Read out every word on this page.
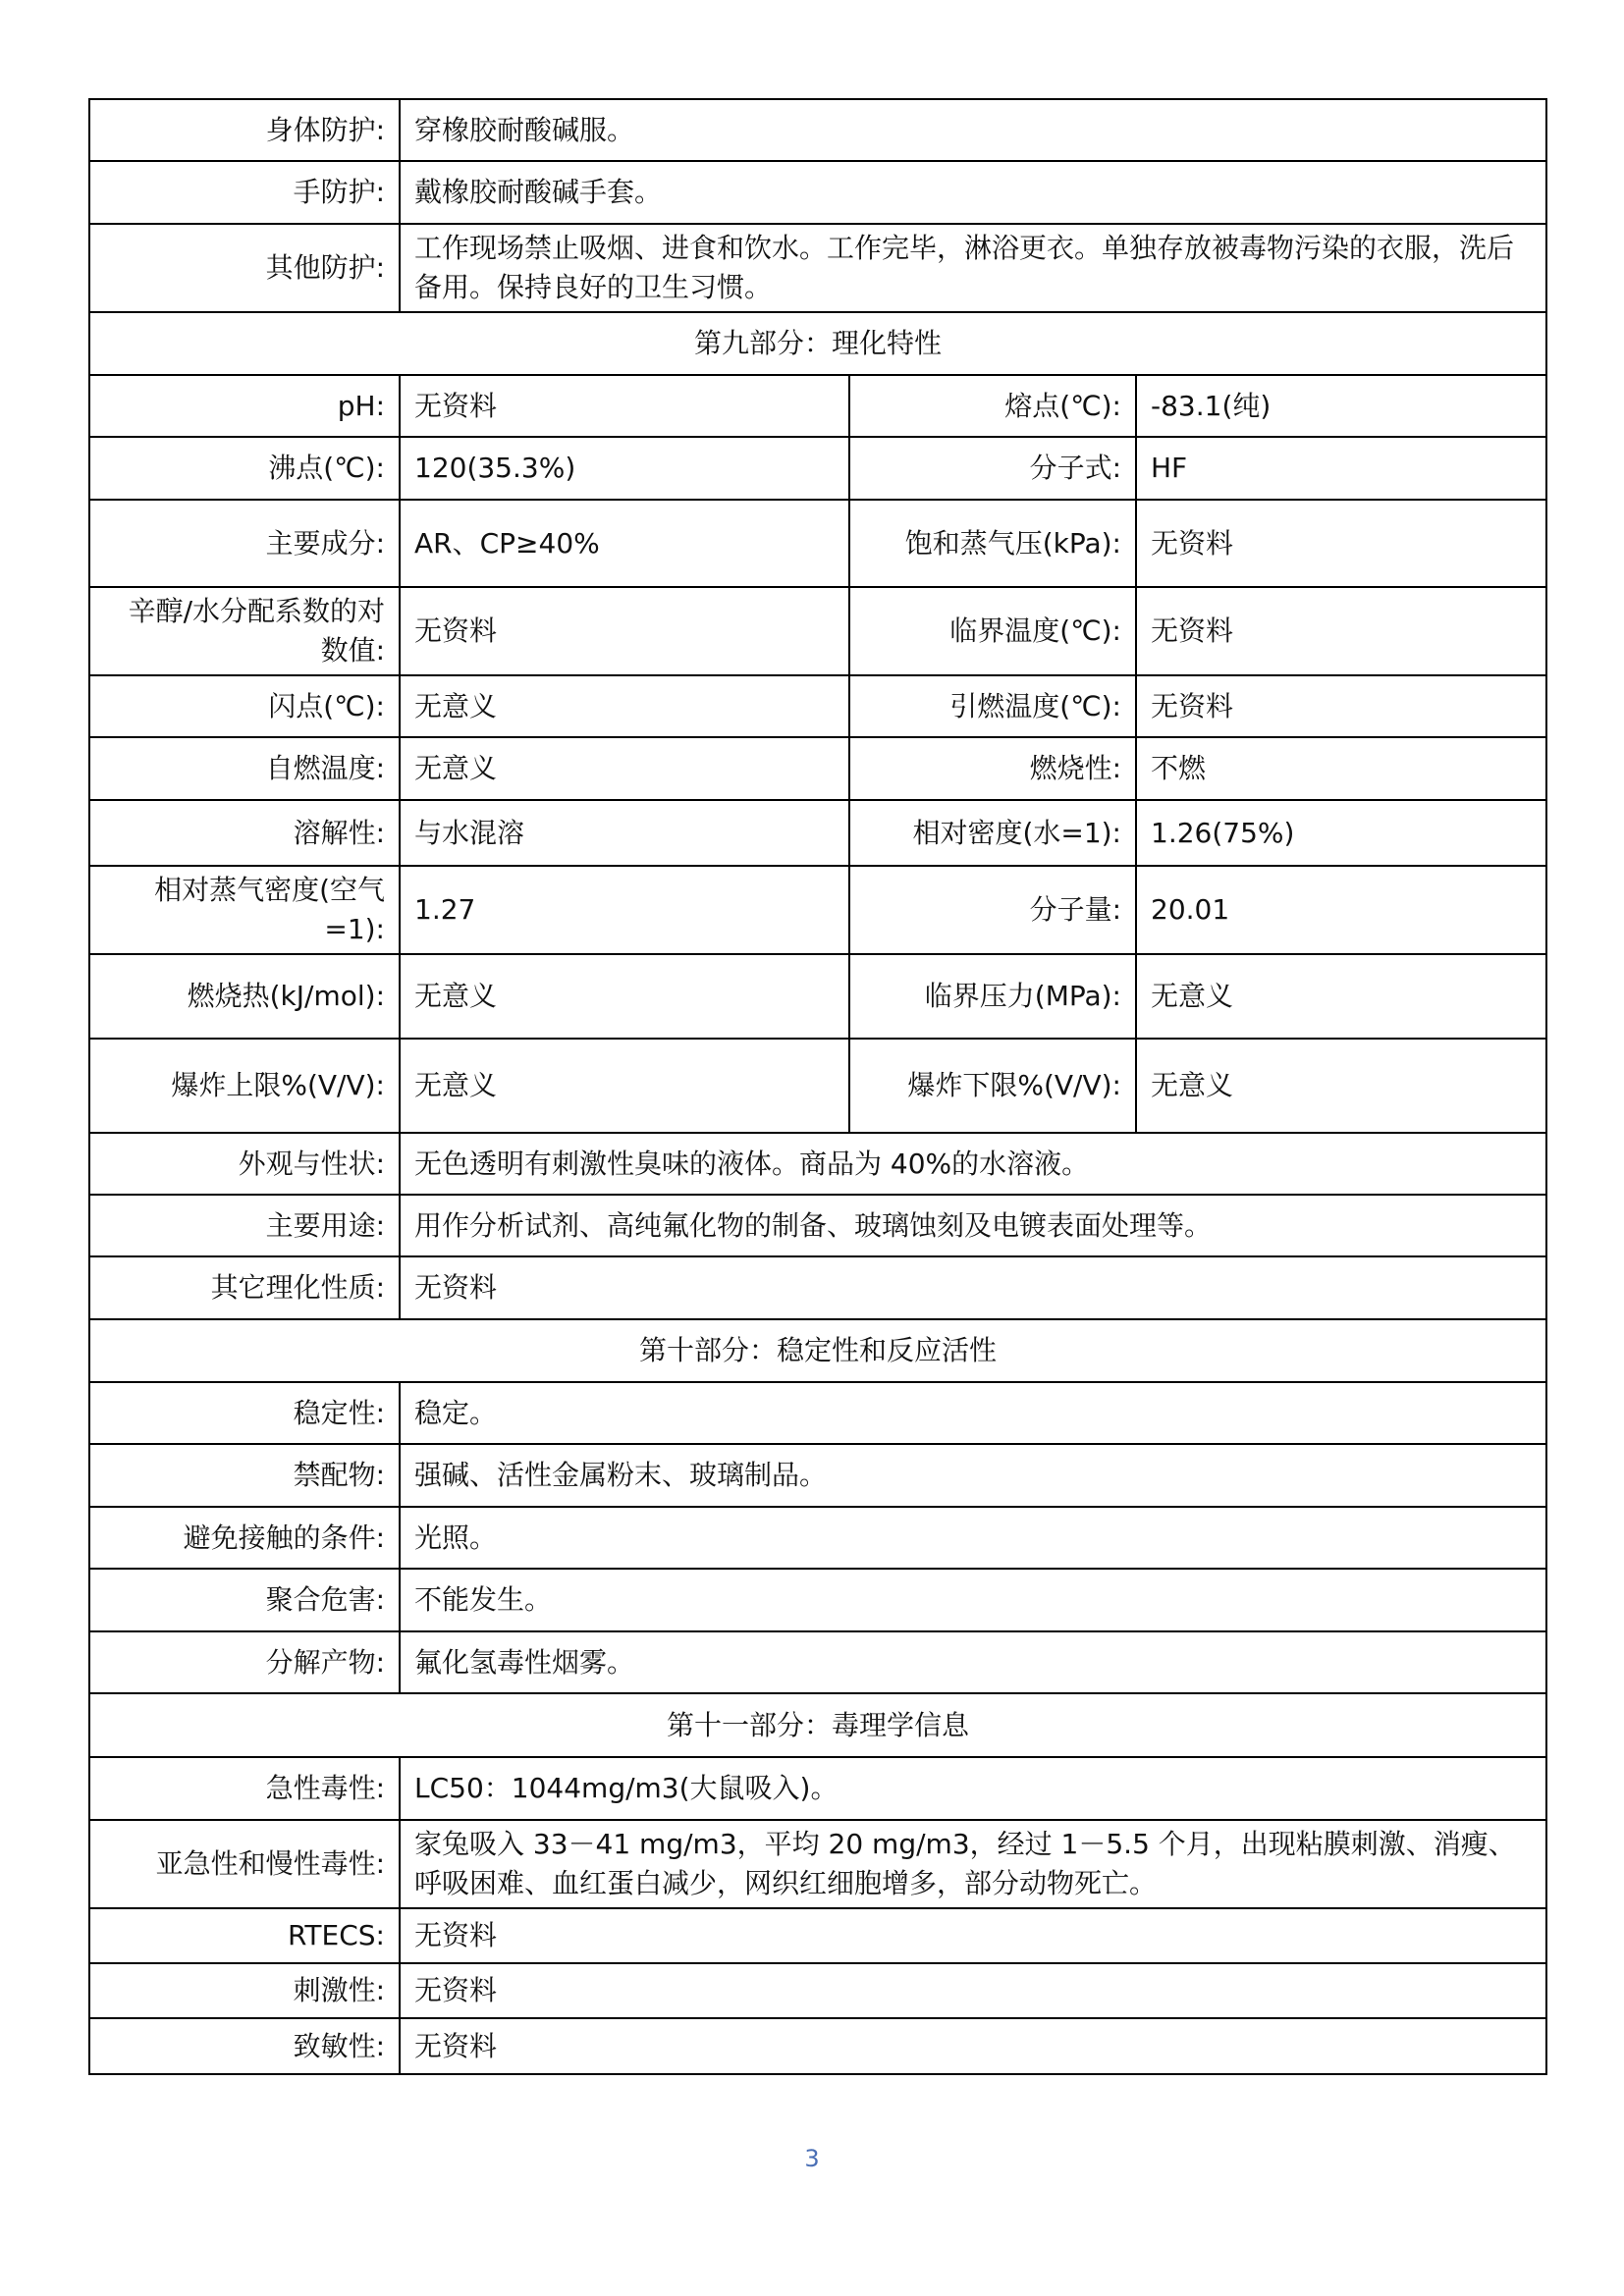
身体防护:	穿橡胶耐酸碱服。		
手防护:	戴橡胶耐酸碱手套。		
其他防护:	工作现场禁止吸烟、进食和饮水。工作完毕，淋浴更衣。单独存放被毒物污染的衣服，洗后备用。保持良好的卫生习惯。		
第九部分：理化特性			
pH:	无资料	熔点(℃):	-83.1(纯)
沸点(℃):	120(35.3%)	分子式:	HF
主要成分:	AR、CP≥40%	饱和蒸气压(kPa):	无资料
辛醇/水分配系数的对数值:	无资料	临界温度(℃):	无资料
闪点(℃):	无意义	引燃温度(℃):	无资料
自燃温度:	无意义	燃烧性:	不燃
溶解性:	与水混溶	相对密度(水=1):	1.26(75%)
相对蒸气密度(空气=1):	1.27	分子量:	20.01
燃烧热(kJ/mol):	无意义	临界压力(MPa):	无意义
爆炸上限%(V/V):	无意义	爆炸下限%(V/V):	无意义
外观与性状:	无色透明有刺激性臭味的液体。商品为 40%的水溶液。		
主要用途:	用作分析试剂、高纯氟化物的制备、玻璃蚀刻及电镀表面处理等。		
其它理化性质:	无资料		
第十部分：稳定性和反应活性			
稳定性:	稳定。		
禁配物:	强碱、活性金属粉末、玻璃制品。		
避免接触的条件:	光照。		
聚合危害:	不能发生。		
分解产物:	氟化氢毒性烟雾。		
第十一部分：毒理学信息			
急性毒性:	LC50：1044mg/m3(大鼠吸入)。		
亚急性和慢性毒性:	家兔吸入 33－41 mg/m3，平均 20 mg/m3，经过 1－5.5 个月，出现粘膜刺激、消瘦、呼吸困难、血红蛋白减少，网织红细胞增多，部分动物死亡。		
RTECS:	无资料		
刺激性:	无资料		
致敏性:	无资料		
3
